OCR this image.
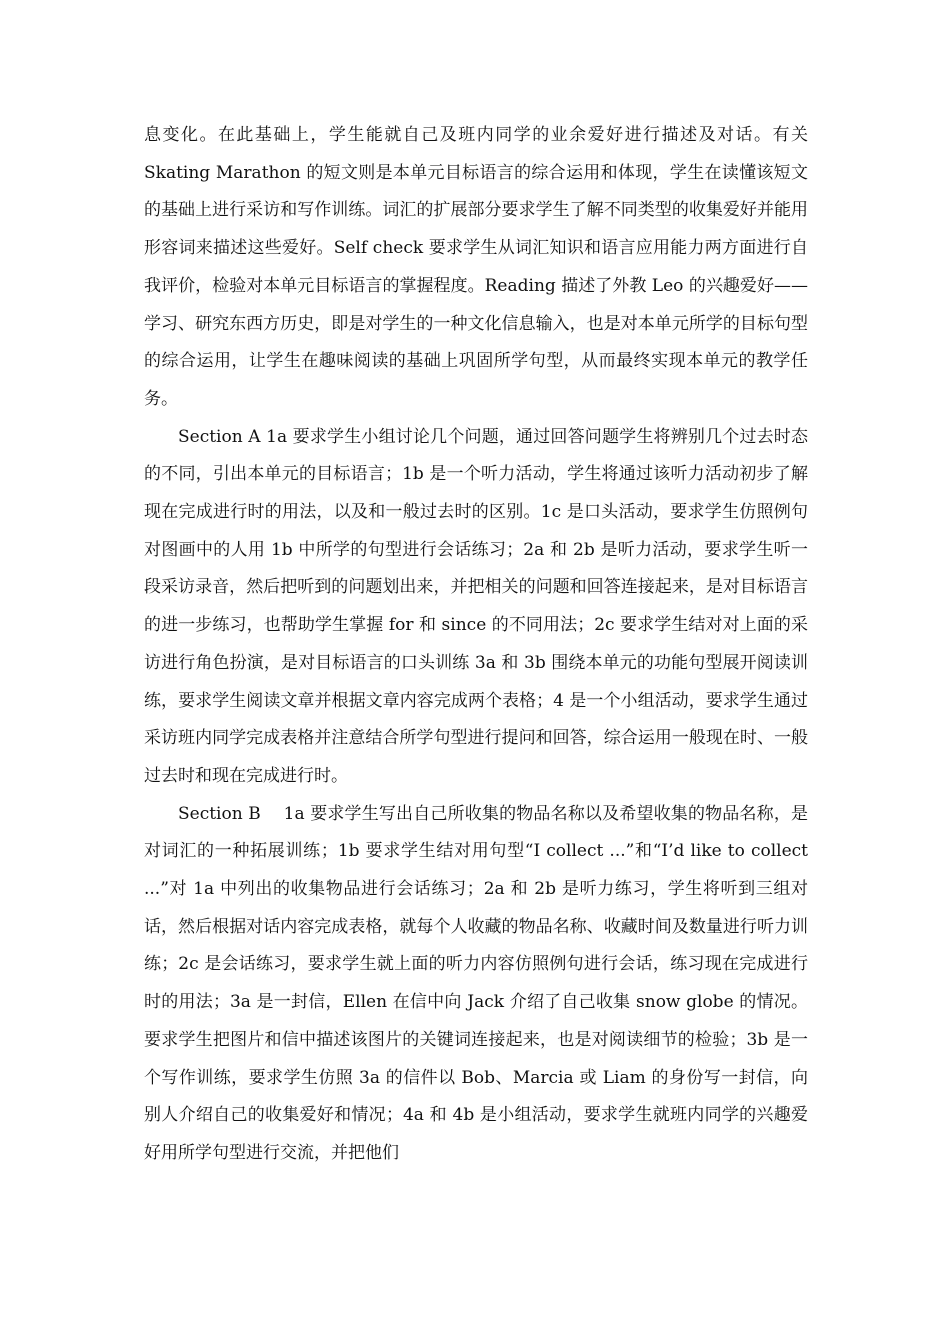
息变化。在此基础上，学生能就自己及班内同学的业余爱好进行描述及对话。有关 Skating Marathon 的短文则是本单元目标语言的综合运用和体现，学生在读懂该短文的基础上进行采访和写作训练。词汇的扩展部分要求学生了解不同类型的收集爱好并能用形容词来描述这些爱好。Self check 要求学生从词汇知识和语言应用能力两方面进行自我评价，检验对本单元目标语言的掌握程度。Reading 描述了外教 Leo 的兴趣爱好——学习、研究东西方历史，即是对学生的一种文化信息输入，也是对本单元所学的目标句型的综合运用，让学生在趣味阅读的基础上巩固所学句型，从而最终实现本单元的教学任务。

Section A 1a 要求学生小组讨论几个问题，通过回答问题学生将辨别几个过去时态的不同，引出本单元的目标语言；1b 是一个听力活动，学生将通过该听力活动初步了解现在完成进行时的用法，以及和一般过去时的区别。1c 是口头活动，要求学生仿照例句对图画中的人用 1b 中所学的句型进行会话练习；2a 和 2b 是听力活动，要求学生听一段采访录音，然后把听到的问题划出来，并把相关的问题和回答连接起来，是对目标语言的进一步练习，也帮助学生掌握 for 和 since 的不同用法；2c 要求学生结对对上面的采访进行角色扮演，是对目标语言的口头训练 3a 和 3b 围绕本单元的功能句型展开阅读训练，要求学生阅读文章并根据文章内容完成两个表格；4 是一个小组活动，要求学生通过采访班内同学完成表格并注意结合所学句型进行提问和回答，综合运用一般现在时、一般过去时和现在完成进行时。

Section B　 1a 要求学生写出自己所收集的物品名称以及希望收集的物品名称，是对词汇的一种拓展训练；1b 要求学生结对用句型“I collect ...”和“I’d like to collect ...”对 1a 中列出的收集物品进行会话练习；2a 和 2b 是听力练习，学生将听到三组对话，然后根据对话内容完成表格，就每个人收藏的物品名称、收藏时间及数量进行听力训练；2c 是会话练习，要求学生就上面的听力内容仿照例句进行会话，练习现在完成进行时的用法；3a 是一封信，Ellen 在信中向 Jack 介绍了自己收集 snow globe 的情况。要求学生把图片和信中描述该图片的关键词连接起来，也是对阅读细节的检验；3b 是一个写作训练，要求学生仿照 3a 的信件以 Bob、Marcia 或 Liam 的身份写一封信，向别人介绍自己的收集爱好和情况；4a 和 4b 是小组活动，要求学生就班内同学的兴趣爱好用所学句型进行交流，并把他们
